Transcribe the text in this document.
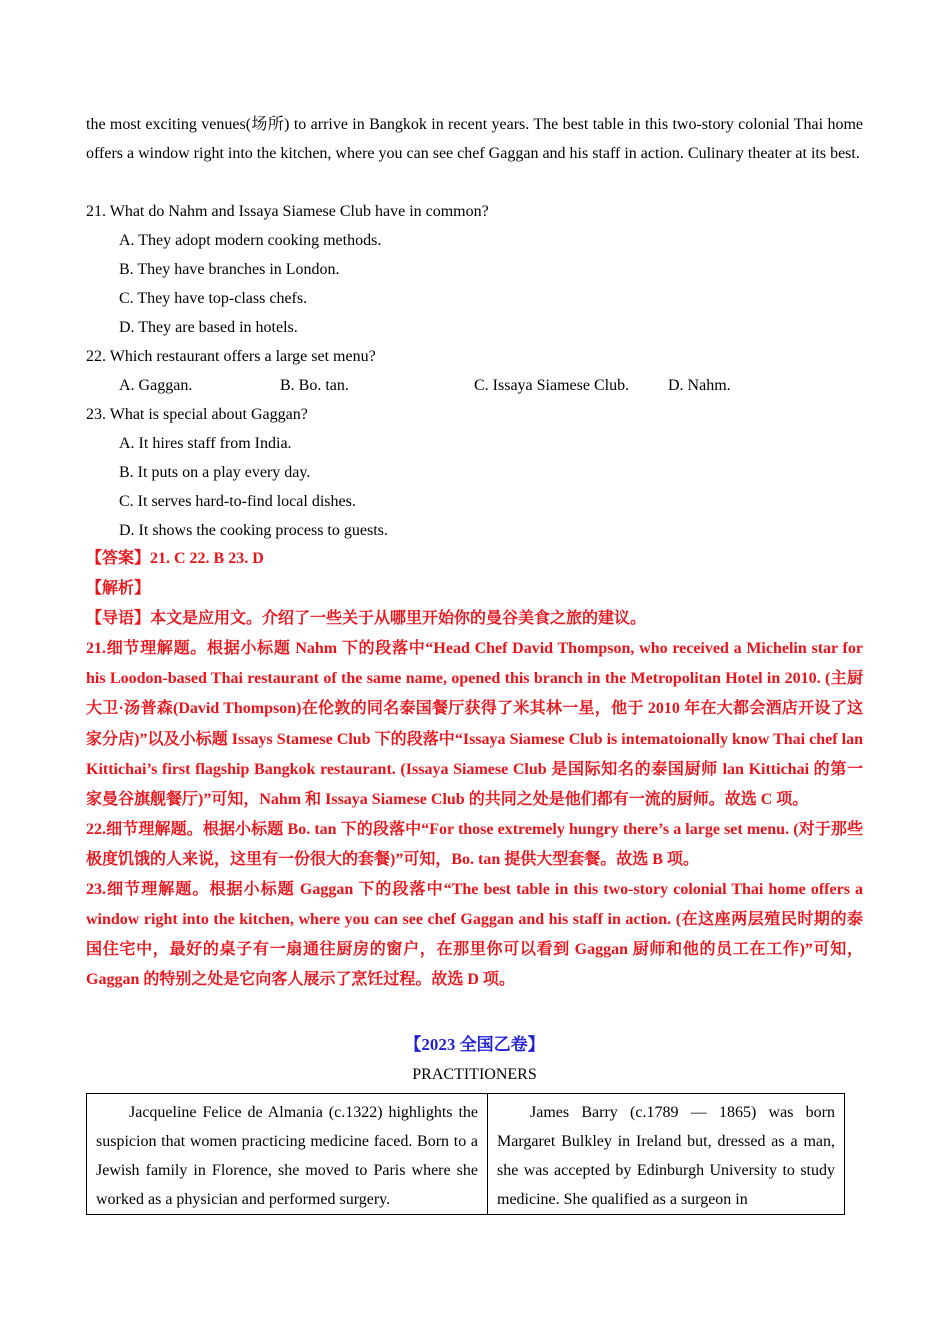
the most exciting venues(场所) to arrive in Bangkok in recent years. The best table in this two-story colonial Thai home offers a window right into the kitchen, where you can see chef Gaggan and his staff in action. Culinary theater at its best.

21. What do Nahm and Issaya Siamese Club have in common?

A. They adopt modern cooking methods.

B. They have branches in London.

C. They have top-class chefs.

D. They are based in hotels.

22. Which restaurant offers a large set menu?

A. Gaggan.	B. Bo. tan.	C. Issaya Siamese Club.	D. Nahm.

23. What is special about Gaggan?

A. It hires staff from India.

B. It puts on a play every day.

C. It serves hard-to-find local dishes.

D. It shows the cooking process to guests.

【答案】21. C 22. B 23. D

【解析】

【导语】本文是应用文。介绍了一些关于从哪里开始你的曼谷美食之旅的建议。

21.细节理解题。根据小标题 Nahm 下的段落中“Head Chef David Thompson, who received a Michelin star for his Loodon-based Thai restaurant of the same name, opened this branch in the Metropolitan Hotel in 2010. (主厨大卫·汤普森(David Thompson)在伦敦的同名泰国餐厅获得了米其林一星，他于 2010 年在大都会酒店开设了这家分店)”以及小标题 Issays Stamese Club 下的段落中“Issaya Siamese Club is intematoionally know Thai chef lan Kittichai’s first flagship Bangkok restaurant. (Issaya Siamese Club 是国际知名的泰国厨师 lan Kittichai 的第一家曼谷旗舰餐厅)”可知，Nahm 和 Issaya Siamese Club 的共同之处是他们都有一流的厨师。故选 C 项。

22.细节理解题。根据小标题 Bo. tan 下的段落中“For those extremely hungry there’s a large set menu. (对于那些极度饥饿的人来说，这里有一份很大的套餐)”可知，Bo. tan 提供大型套餐。故选 B 项。

23.细节理解题。根据小标题 Gaggan 下的段落中“The best table in this two-story colonial Thai home offers a window right into the kitchen, where you can see chef Gaggan and his staff in action. (在这座两层殖民时期的泰国住宅中，最好的桌子有一扇通往厨房的窗户，在那里你可以看到 Gaggan 厨师和他的员工在工作)”可知，Gaggan 的特别之处是它向客人展示了烹饪过程。故选 D 项。

【2023 全国乙卷】
PRACTITIONERS
Jacqueline Felice de Almania (c.1322) highlights the suspicion that women practicing medicine faced. Born to a Jewish family in Florence, she moved to Paris where she worked as a physician and performed surgery.	James Barry (c.1789 — 1865) was born Margaret Bulkley in Ireland but, dressed as a man, she was accepted by Edinburgh University to study medicine. She qualified as a surgeon in
